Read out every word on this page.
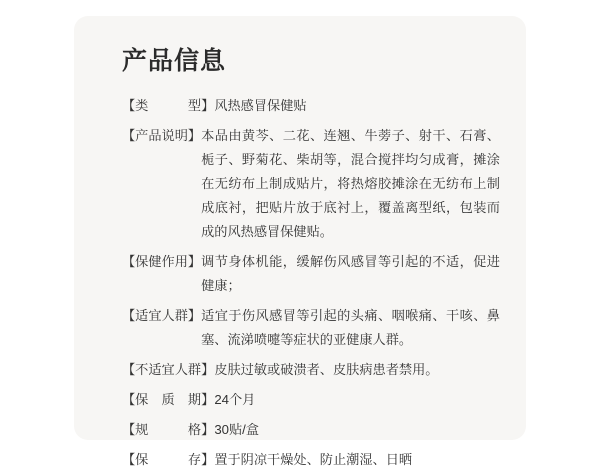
产品信息
【类　　　型】 风热感冒保健贴
【产品说明】 本品由黄芩、二花、连翘、牛蒡子、射干、石膏、栀子、野菊花、柴胡等，混合搅拌均匀成膏，摊涂在无纺布上制成贴片，将热熔胶摊涂在无纺布上制成底衬，把贴片放于底衬上，覆盖离型纸，包装而成的风热感冒保健贴。
【保健作用】 调节身体机能，缓解伤风感冒等引起的不适，促进健康；
【适宜人群】 适宜于伤风感冒等引起的头痛、咽喉痛、干咳、鼻塞、流涕喷嚏等症状的亚健康人群。
【不适宜人群】 皮肤过敏或破溃者、皮肤病患者禁用。
【保　质　期】 24个月
【规　　　格】 30贴/盒
【保　　　存】 置于阴凉干燥处、防止潮湿、日晒
